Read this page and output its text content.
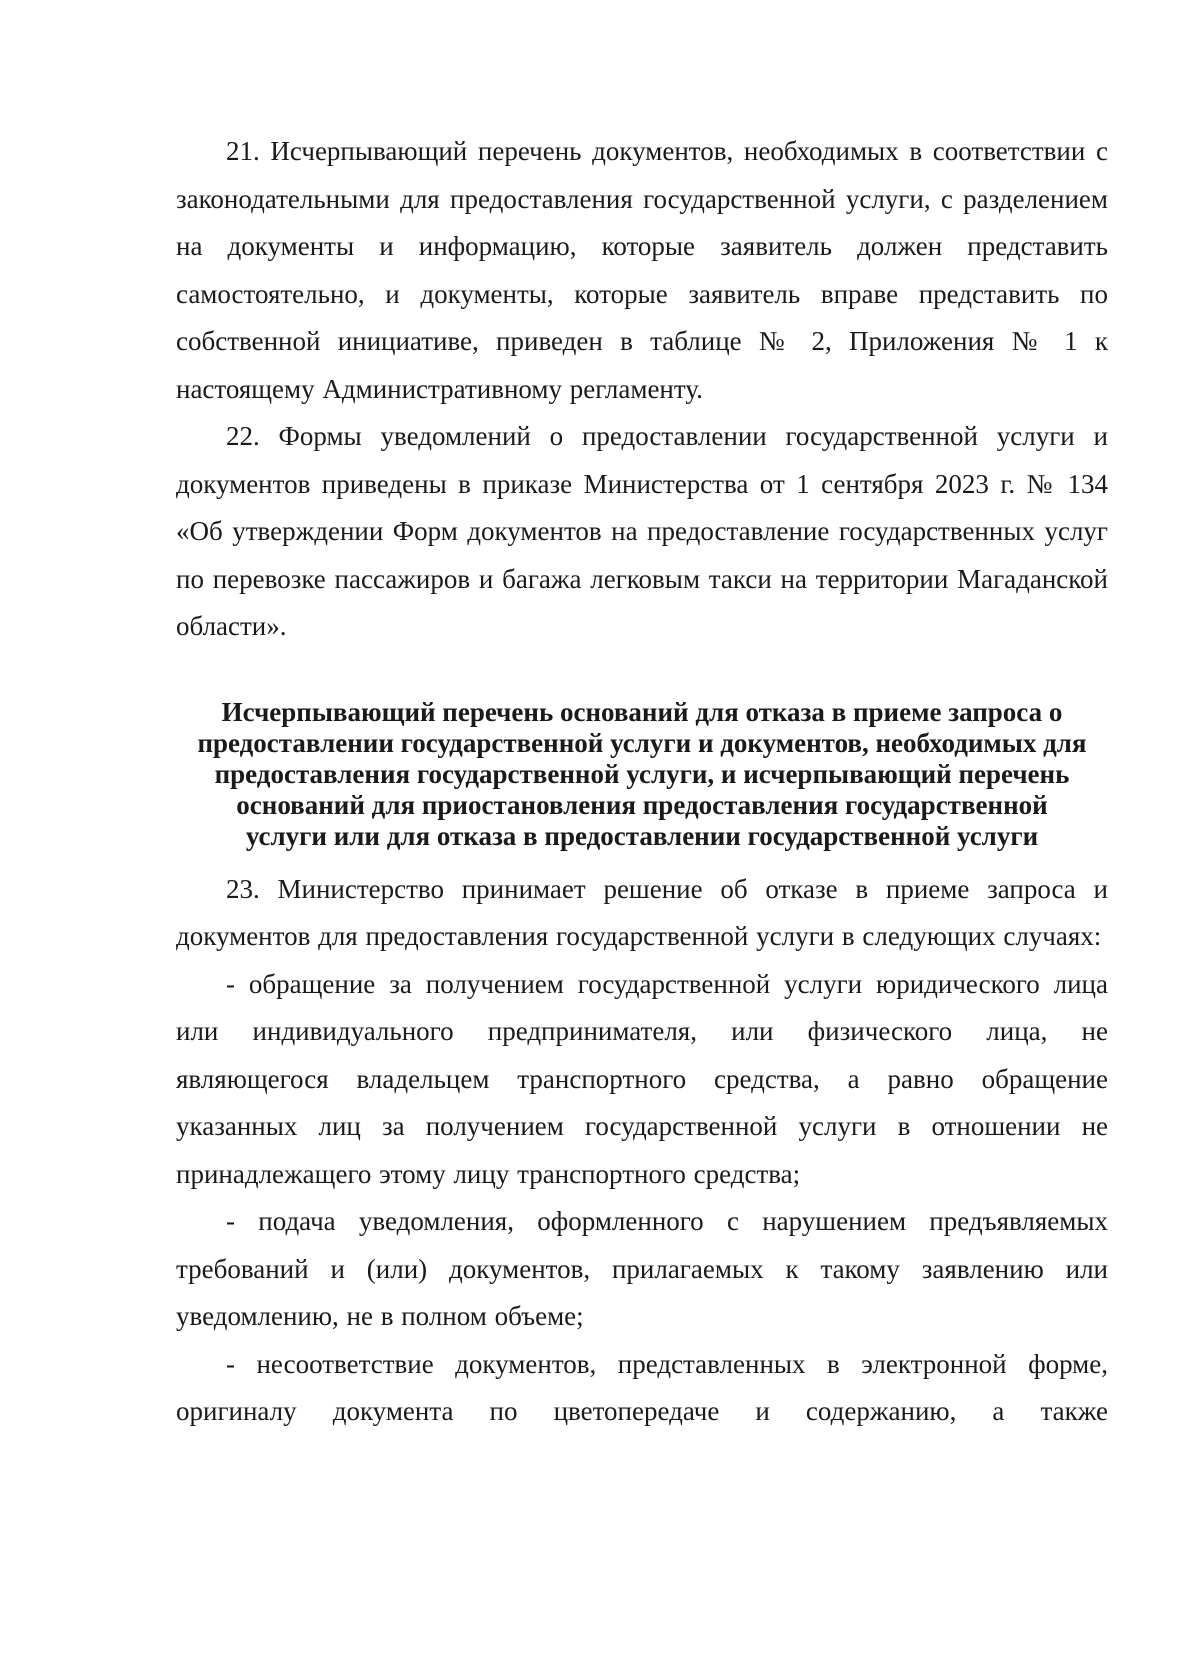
21. Исчерпывающий перечень документов, необходимых в соответствии с законодательными для предоставления государственной услуги, с разделением на документы и информацию, которые заявитель должен представить самостоятельно, и документы, которые заявитель вправе представить по собственной инициативе, приведен в таблице № 2, Приложения № 1 к настоящему Административному регламенту.

22. Формы уведомлений о предоставлении государственной услуги и документов приведены в приказе Министерства от 1 сентября 2023 г. № 134 «Об утверждении Форм документов на предоставление государственных услуг по перевозке пассажиров и багажа легковым такси на территории Магаданской области».

Исчерпывающий перечень оснований для отказа в приеме запроса о
предоставлении государственной услуги и документов, необходимых для
предоставления государственной услуги, и исчерпывающий перечень
оснований для приостановления предоставления государственной
услуги или для отказа в предоставлении государственной услуги

23. Министерство принимает решение об отказе в приеме запроса и документов для предоставления государственной услуги в следующих случаях:

- обращение за получением государственной услуги юридического лица или индивидуального предпринимателя, или физического лица, не являющегося владельцем транспортного средства, а равно обращение указанных лиц за получением государственной услуги в отношении не принадлежащего этому лицу транспортного средства;

- подача уведомления, оформленного с нарушением предъявляемых требований и (или) документов, прилагаемых к такому заявлению или уведомлению, не в полном объеме;

- несоответствие документов, представленных в электронной форме, оригиналу документа по цветопередаче и содержанию, а также
